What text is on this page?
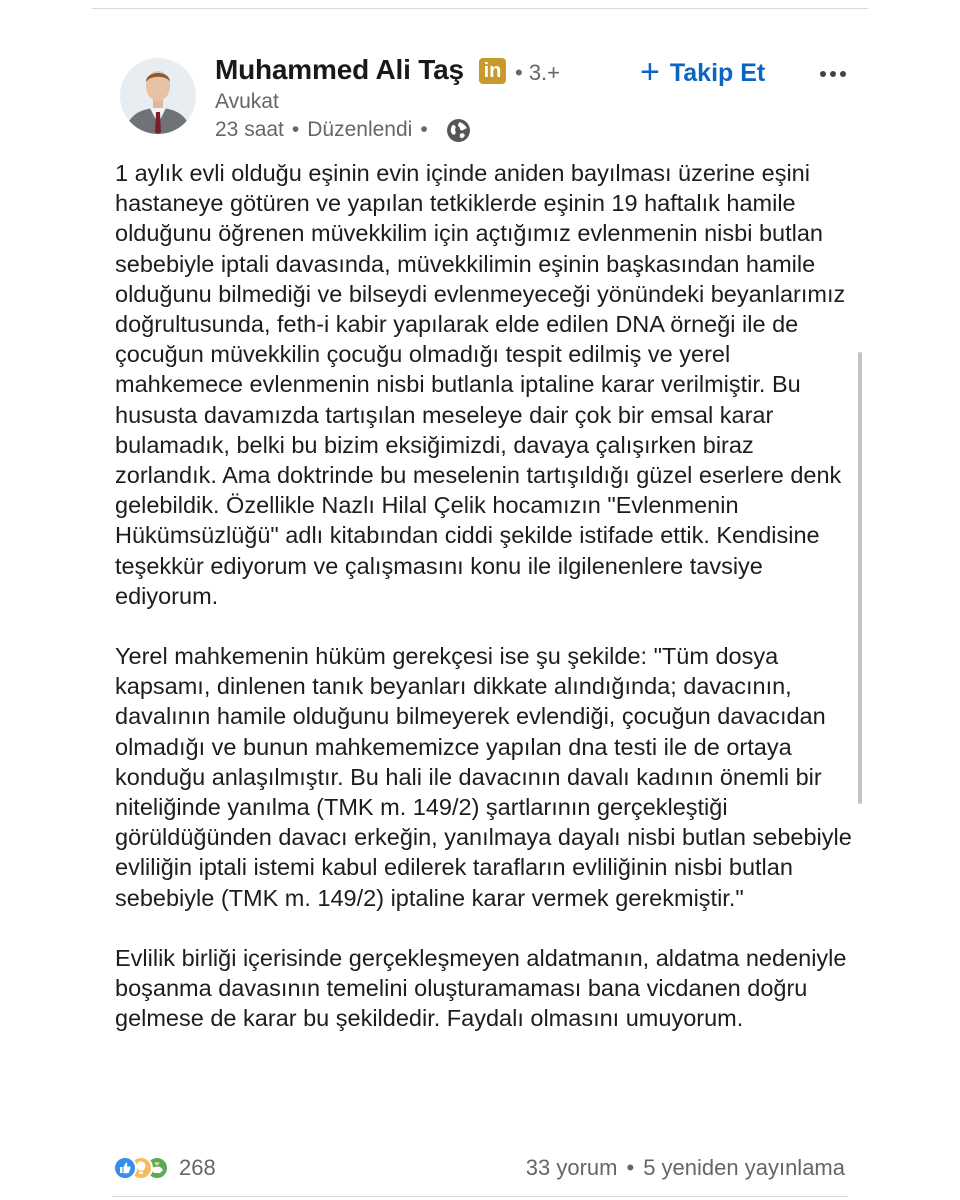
Muhammed Ali Taş in • 3.+ + Takip Et
Avukat
23 saat • Düzenlendi •

1 aylık evli olduğu eşinin evin içinde aniden bayılması üzerine eşini hastaneye götüren ve yapılan tetkiklerde eşinin 19 haftalık hamile olduğunu öğrenen müvekkilim için açtığımız evlenmenin nisbi butlan sebebiyle iptali davasında, müvekkilimin eşinin başkasından hamile olduğunu bilmediği ve bilseydi evlenmeyeceği yönündeki beyanlarımız doğrultusunda, feth-i kabir yapılarak elde edilen DNA örneği ile de çocuğun müvekkilin çocuğu olmadığı tespit edilmiş ve yerel mahkemece evlenmenin nisbi butlanla iptaline karar verilmiştir. Bu hususta davamızda tartışılan meseleye dair çok bir emsal karar bulamadık, belki bu bizim eksiğimizdi, davaya çalışırken biraz zorlandık. Ama doktrinde bu meselenin tartışıldığı güzel eserlere denk gelebildik. Özellikle Nazlı Hilal Çelik hocamızın "Evlenmenin Hükümsüzlüğü" adlı kitabından ciddi şekilde istifade ettik. Kendisine teşekkür ediyorum ve çalışmasını konu ile ilgilenenlere tavsiye ediyorum.

Yerel mahkemenin hüküm gerekçesi ise şu şekilde: "Tüm dosya kapsamı, dinlenen tanık beyanları dikkate alındığında; davacının, davalının hamile olduğunu bilmeyerek evlendiği, çocuğun davacıdan olmadığı ve bunun mahkememizce yapılan dna testi ile de ortaya konduğu anlaşılmıştır. Bu hali ile davacının davalı kadının önemli bir niteliğinde yanılma (TMK m. 149/2) şartlarının gerçekleştiği görüldüğünden davacı erkeğin, yanılmaya dayalı nisbi butlan sebebiyle evliliğin iptali istemi kabul edilerek tarafların evliliğinin nisbi butlan sebebiyle (TMK m. 149/2) iptaline karar vermek gerekmiştir."

Evlilik birliği içerisinde gerçekleşmeyen aldatmanın, aldatma nedeniyle boşanma davasının temelini oluşturamaması bana vicdanen doğru gelmese de karar bu şekildedir. Faydalı olmasını umuyorum.

268	33 yorum • 5 yeniden yayınlama
